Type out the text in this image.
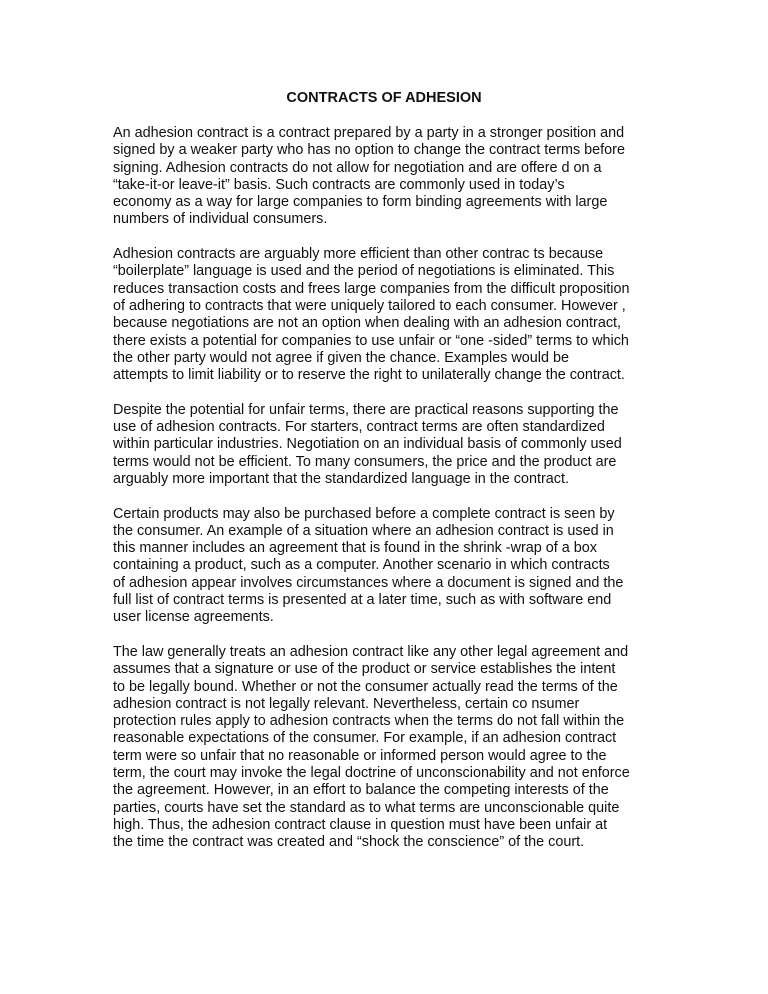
CONTRACTS OF ADHESION

An adhesion contract is a contract prepared by a party in a stronger position and
signed by a weaker party who has no option to change the contract terms before
signing. Adhesion contracts do not allow for negotiation and are offere d on a
“take-it-or leave-it” basis. Such contracts are commonly used in today’s
economy as a way for large companies to form binding agreements with large
numbers of individual consumers.

Adhesion contracts are arguably more efficient than other contrac ts because
“boilerplate” language is used and the period of negotiations is eliminated. This
reduces transaction costs and frees large companies from the difficult proposition
of adhering to contracts that were uniquely tailored to each consumer. However ,
because negotiations are not an option when dealing with an adhesion contract,
there exists a potential for companies to use unfair or “one -sided” terms to which
the other party would not agree if given the chance. Examples would be
attempts to limit liability or to reserve the right to unilaterally change the contract.

Despite the potential for unfair terms, there are practical reasons supporting the
use of adhesion contracts. For starters, contract terms are often standardized
within particular industries. Negotiation on an individual basis of commonly used
terms would not be efficient. To many consumers, the price and the product are
arguably more important that the standardized language in the contract.

Certain products may also be purchased before a complete contract is seen by
the consumer. An example of a situation where an adhesion contract is used in
this manner includes an agreement that is found in the shrink -wrap of a box
containing a product, such as a computer. Another scenario in which contracts
of adhesion appear involves circumstances where a document is signed and the
full list of contract terms is presented at a later time, such as with software end
user license agreements.

The law generally treats an adhesion contract like any other legal agreement and
assumes that a signature or use of the product or service establishes the intent
to be legally bound. Whether or not the consumer actually read the terms of the
adhesion contract is not legally relevant. Nevertheless, certain co nsumer
protection rules apply to adhesion contracts when the terms do not fall within the
reasonable expectations of the consumer. For example, if an adhesion contract
term were so unfair that no reasonable or informed person would agree to the
term, the court may invoke the legal doctrine of unconscionability and not enforce
the agreement. However, in an effort to balance the competing interests of the
parties, courts have set the standard as to what terms are unconscionable quite
high. Thus, the adhesion contract clause in question must have been unfair at
the time the contract was created and “shock the conscience” of the court.
